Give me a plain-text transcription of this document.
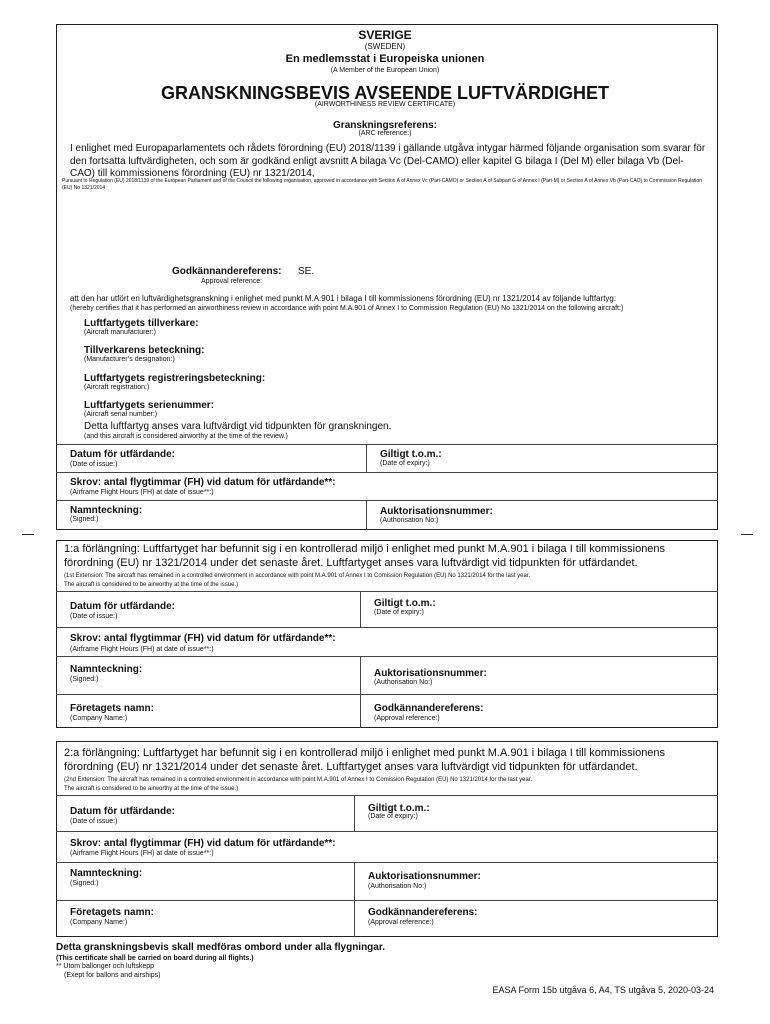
SVERIGE
(SWEDEN)
En medlemsstat i Europeiska unionen
(A Member of the European Union)
GRANSKNINGSBEVIS AVSEENDE LUFTVÄRDIGHET
(AIRWORTHINESS REVIEW CERTIFICATE)
Granskningsreferens:
(ARC reference:)
I enlighet med Europaparlamentets och rådets förordning (EU) 2018/1139 i gällande utgåva intygar härmed följande organisation som svarar för den fortsatta luftvärdigheten, och som är godkänd enligt avsnitt A bilaga Vc (Del-CAMO) eller kapitel G bilaga I (Del M) eller bilaga Vb (Del-CAO) till kommissionens förordning (EU) nr 1321/2014,
Pursuant to Regulation (EU) 2018/1139 of the European Parliament and of the Council the following organisation, approved in accordance with Section A of Annex Vc (Part-CAMO) or Section A of Subpart G of Annex I (Part-M) or Section A of Annex Vb (Part-CAO) to Commission Regulation (EU) No 1321/2014
Godkännandereferens: SE.
Approval reference:
att den har utfört en luftvärdighetsgranskning i enlighet med punkt M.A.901 i bilaga I till kommissionens förordning (EU) nr 1321/2014 av följande luftfartyg:
(hereby certifies that it has performed an airworthiness review in accordance with point M.A.901 of Annex I to Commission Regulation (EU) No 1321/2014 on the following aircraft:)
Luftfartygets tillverkare:
(Aircraft manufacturer:)
Tillverkarens beteckning:
(Manufacturer’s designation:)
Luftfartygets registreringsbeteckning:
(Aircraft registration:)
Luftfartygets serienummer:
(Aircraft serial number:)
Detta luftfartyg anses vara luftvärdigt vid tidpunkten för granskningen.
(and this aircraft is considered airworthy at the time of the review.)
Datum för utfärdande:
(Date of issue:)
Giltigt t.o.m.:
(Date of expiry:)
Skrov: antal flygtimmar (FH) vid datum för utfärdande**:
(Airframe Flight Hours (FH) at date of issue**:)
Namnteckning:
(Signed:)
Auktorisationsnummer:
(Authorisation No:)
1:a förlängning: Luftfartyget har befunnit sig i en kontrollerad miljö i enlighet med punkt M.A.901 i bilaga I till kommissionens förordning (EU) nr 1321/2014 under det senaste året. Luftfartyget anses vara luftvärdigt vid tidpunkten för utfärdandet.
(1st Extension: The aircraft has remained in a controlled environment in accordance with point M.A.901 of Annex I to Comission Regulation (EU) No 1321/2014 for the last year.
The aircraft is considered to be airworthy at the time of the issue.)
Datum för utfärdande:
(Date of issue:)
Giltigt t.o.m.:
(Date of expiry:)
Skrov: antal flygtimmar (FH) vid datum för utfärdande**:
(Airframe Flight Hours (FH) at date of issue**:)
Namnteckning:
(Signed:)
Auktorisationsnummer:
(Authorisation No:)
Företagets namn:
(Company Name:)
Godkännandereferens:
(Approval reference:)
2:a förlängning: Luftfartyget har befunnit sig i en kontrollerad miljö i enlighet med punkt M.A.901 i bilaga I till kommissionens förordning (EU) nr 1321/2014 under det senaste året. Luftfartyget anses vara luftvärdigt vid tidpunkten för utfärdandet.
(2nd Extension: The aircraft has remained in a controlled environment in accordance with point M.A.901 of Annex I to Comission Regulation (EU) No 1321/2014 for the last year.
The aircraft is considered to be airworthy at the time of the issue.)
Datum för utfärdande:
(Date of issue:)
Giltigt t.o.m.:
(Date of expiry:)
Skrov: antal flygtimmar (FH) vid datum för utfärdande**:
(Airframe Flight Hours (FH) at date of issue**:)
Namnteckning:
(Signed:)
Auktorisationsnummer:
(Authorisation No:)
Företagets namn:
(Company Name:)
Godkännandereferens:
(Approval reference:)
Detta granskningsbevis skall medföras ombord under alla flygningar.
(This certificate shall be carried on board during all flights.)
** Utom ballonger och luftskepp
(Exept for ballons and airships)
EASA Form 15b utgåva 6, A4, TS utgåva 5, 2020-03-24
